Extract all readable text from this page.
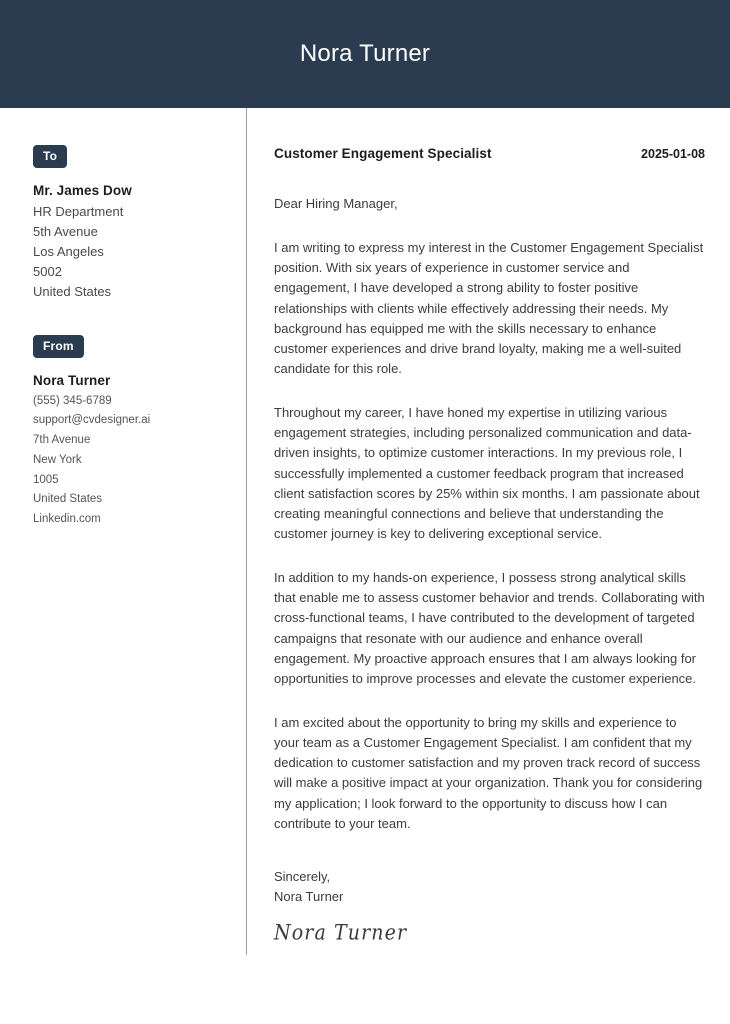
Nora Turner
To
Mr. James Dow
HR Department
5th Avenue
Los Angeles
5002
United States
From
Nora Turner
(555) 345-6789
support@cvdesigner.ai
7th Avenue
New York
1005
United States
Linkedin.com
Customer Engagement Specialist	2025-01-08
Dear Hiring Manager,

I am writing to express my interest in the Customer Engagement Specialist position. With six years of experience in customer service and engagement, I have developed a strong ability to foster positive relationships with clients while effectively addressing their needs. My background has equipped me with the skills necessary to enhance customer experiences and drive brand loyalty, making me a well-suited candidate for this role.

Throughout my career, I have honed my expertise in utilizing various engagement strategies, including personalized communication and data-driven insights, to optimize customer interactions. In my previous role, I successfully implemented a customer feedback program that increased client satisfaction scores by 25% within six months. I am passionate about creating meaningful connections and believe that understanding the customer journey is key to delivering exceptional service.

In addition to my hands-on experience, I possess strong analytical skills that enable me to assess customer behavior and trends. Collaborating with cross-functional teams, I have contributed to the development of targeted campaigns that resonate with our audience and enhance overall engagement. My proactive approach ensures that I am always looking for opportunities to improve processes and elevate the customer experience.

I am excited about the opportunity to bring my skills and experience to your team as a Customer Engagement Specialist. I am confident that my dedication to customer satisfaction and my proven track record of success will make a positive impact at your organization. Thank you for considering my application; I look forward to the opportunity to discuss how I can contribute to your team.

Sincerely,
Nora Turner
Nora Turner
